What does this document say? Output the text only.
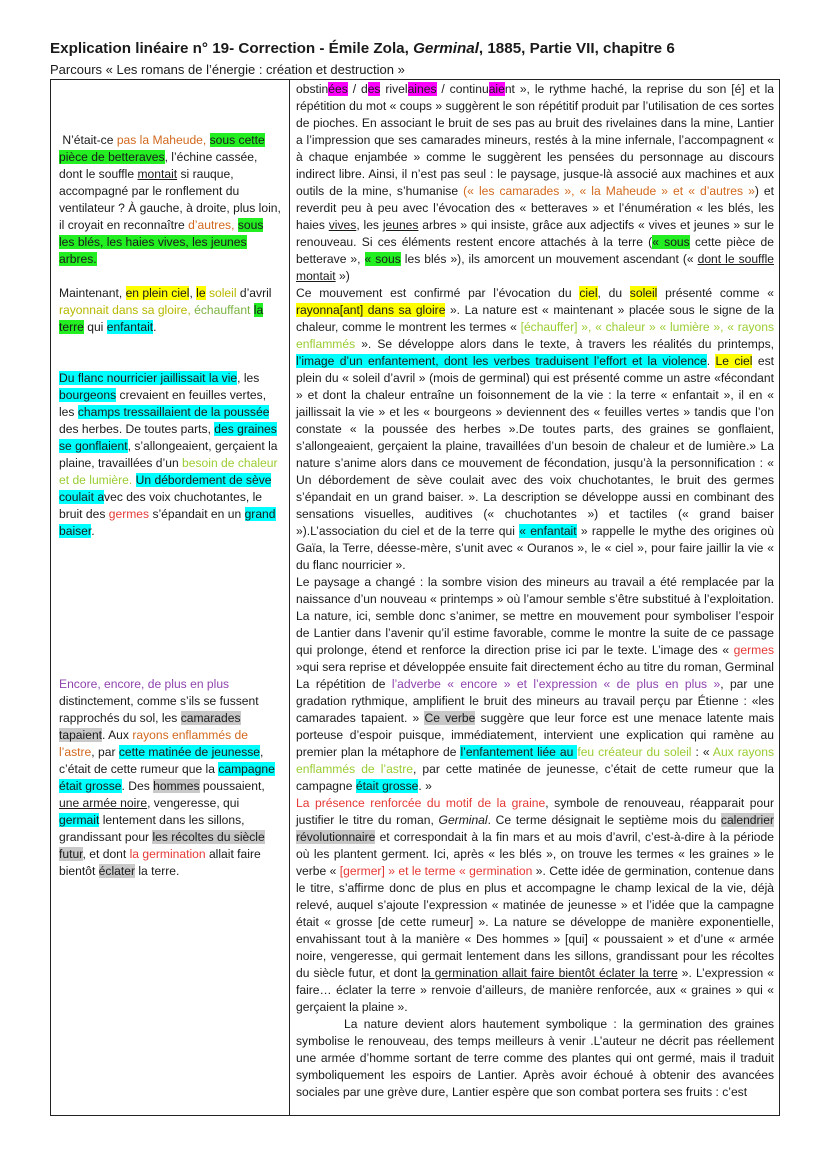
Explication linéaire n° 19- Correction - Émile Zola, Germinal, 1885, Partie VII, chapitre 6
Parcours « Les romans de l’énergie : création et destruction »
N’était-ce pas la Maheude, sous cette pièce de betteraves, l’échine cassée, dont le souffle montait si rauque, accompagné par le ronflement du ventilateur ? À gauche, à droite, plus loin, il croyait en reconnaître d’autres, sous les blés, les haies vives, les jeunes arbres.
Maintenant, en plein ciel, le soleil d’avril rayonnait dans sa gloire, échauffant la terre qui enfantait.
Du flanc nourricier jaillissait la vie, les bourgeons crevaient en feuilles vertes, les champs tressaillaient de la poussée des herbes. De toutes parts, des graines se gonflaient, s’allongeaient, gerçaient la plaine, travaillées d’un besoin de chaleur et de lumière. Un débordement de sève coulait avec des voix chuchotantes, le bruit des germes s’épandait en un grand baiser.
Encore, encore, de plus en plus distinctement, comme s’ils se fussent rapprochés du sol, les camarades tapaient. Aux rayons enflammés de l’astre, par cette matinée de jeunesse, c’était de cette rumeur que la campagne était grosse. Des hommes poussaient, une armée noire, vengeresse, qui germait lentement dans les sillons, grandissant pour les récoltes du siècle futur, et dont la germination allait faire bientôt éclater la terre.

obstinées / des rivelaines / continuaient », le rythme haché, la reprise du son [é] et la répétition du mot « coups » suggèrent le son répétitif produit par l’utilisation de ces sortes de pioches. En associant le bruit de ses pas au bruit des rivelaines dans la mine, Lantier a l’impression que ses camarades mineurs, restés à la mine infernale, l’accompagnent « à chaque enjambée » comme le suggèrent les pensées du personnage au discours indirect libre. Ainsi, il n’est pas seul : le paysage, jusque-là associé aux machines et aux outils de la mine, s’humanise (« les camarades », « la Maheude » et « d’autres ») et reverdit peu à peu avec l’évocation des « betteraves » et l’énumération « les blés, les haies vives, les jeunes arbres » qui insiste, grâce aux adjectifs « vives et jeunes » sur le renouveau. Si ces éléments restent encore attachés à la terre (« sous cette pièce de betterave », « sous les blés »), ils amorcent un mouvement ascendant (« dont le souffle montait »)

Ce mouvement est confirmé par l’évocation du ciel, du soleil présenté comme « rayonna[ant] dans sa gloire ». La nature est « maintenant » placée sous le signe de la chaleur, comme le montrent les termes « [échauffer] », « chaleur » « lumière », « rayons enflammés ». Se développe alors dans le texte, à travers les réalités du printemps, l’image d’un enfantement, dont les verbes traduisent l’effort et la violence. Le ciel est plein du « soleil d’avril » (mois de germinal) qui est présenté comme un astre «fécondant » et dont la chaleur entraîne un foisonnement de la vie : la terre « enfantait », il en « jaillissait la vie » et les « bourgeons » deviennent des « feuilles vertes » tandis que l’on constate « la poussée des herbes ».De toutes parts, des graines se gonflaient, s’allongeaient, gerçaient la plaine, travaillées d’un besoin de chaleur et de lumière.» La nature s’anime alors dans ce mouvement de fécondation, jusqu’à la personnification : « Un débordement de sève coulait avec des voix chuchotantes, le bruit des germes s’épandait en un grand baiser. ». La description se développe aussi en combinant des sensations visuelles, auditives (« chuchotantes ») et tactiles (« grand baiser »).L’association du ciel et de la terre qui « enfantait » rappelle le mythe des origines où Gaïa, la Terre, déesse-mère, s’unit avec « Ouranos », le « ciel », pour faire jaillir la vie « du flanc nourricier ».

Le paysage a changé : la sombre vision des mineurs au travail a été remplacée par la naissance d’un nouveau « printemps » où l’amour semble s’être substitué à l’exploitation. La nature, ici, semble donc s’animer, se mettre en mouvement pour symboliser l’espoir de Lantier dans l’avenir qu’il estime favorable, comme le montre la suite de ce passage qui prolonge, étend et renforce la direction prise ici par le texte. L’image des « germes »qui sera reprise et développée ensuite fait directement écho au titre du roman, Germinal

La répétition de l’adverbe « encore » et l’expression « de plus en plus », par une gradation rythmique, amplifient le bruit des mineurs au travail perçu par Étienne : «les camarades tapaient. » Ce verbe suggère que leur force est une menace latente mais porteuse d’espoir puisque, immédiatement, intervient une explication qui ramène au premier plan la métaphore de l’enfantement liée au feu créateur du soleil : « Aux rayons enflammés de l’astre, par cette matinée de jeunesse, c’était de cette rumeur que la campagne était grosse. »

La présence renforcée du motif de la graine, symbole de renouveau, réapparait pour justifier le titre du roman, Germinal. Ce terme désignait le septième mois du calendrier révolutionnaire et correspondait à la fin mars et au mois d’avril, c’est-à-dire à la période où les plantent germent. Ici, après « les blés », on trouve les termes « les graines » le verbe « [germer] » et le terme « germination ». Cette idée de germination, contenue dans le titre, s’affirme donc de plus en plus et accompagne le champ lexical de la vie, déjà relevé, auquel s’ajoute l’expression « matinée de jeunesse » et l’idée que la campagne était « grosse [de cette rumeur] ». La nature se développe de manière exponentielle, envahissant tout à la manière « Des hommes » [qui] « poussaient » et d’une « armée noire, vengeresse, qui germait lentement dans les sillons, grandissant pour les récoltes du siècle futur, et dont la germination allait faire bientôt éclater la terre ». L’expression « faire… éclater la terre » renvoie d’ailleurs, de manière renforcée, aux « graines » qui « gerçaient la plaine ».

La nature devient alors hautement symbolique : la germination des graines symbolise le renouveau, des temps meilleurs à venir .L’auteur ne décrit pas réellement une armée d’homme sortant de terre comme des plantes qui ont germé, mais il traduit symboliquement les espoirs de Lantier. Après avoir échoué à obtenir des avancées sociales par une grève dure, Lantier espère que son combat portera ses fruits : c’est
